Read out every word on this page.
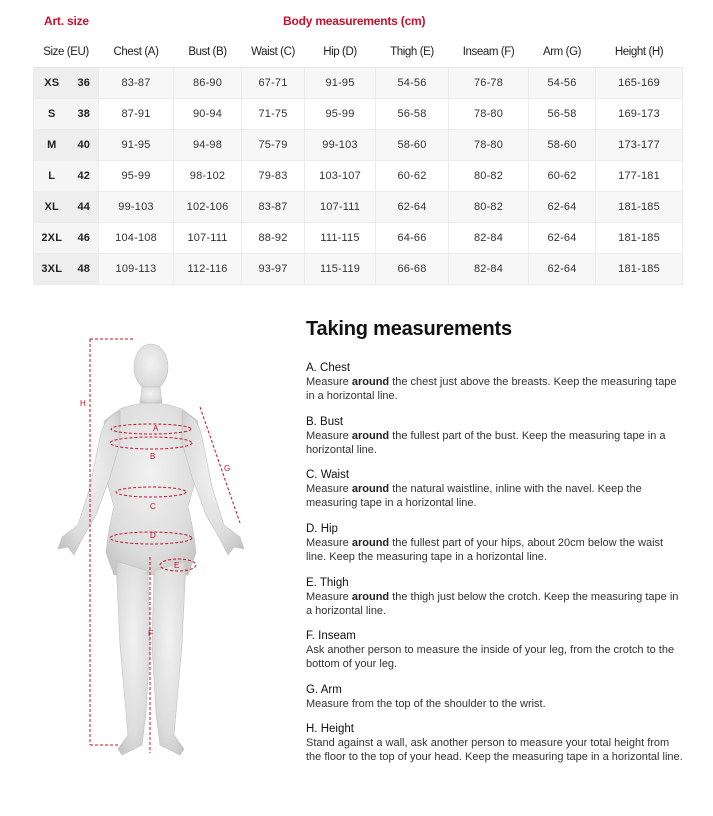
Art. size	Body measurements (cm)
Size (EU)		Chest (A)	Bust (B)	Waist (C)	Hip (D)	Thigh (E)	Inseam (F)	Arm (G)	Height (H)
XS	36	83-87	86-90	67-71	91-95	54-56	76-78	54-56	165-169
S	38	87-91	90-94	71-75	95-99	56-58	78-80	56-58	169-173
M	40	91-95	94-98	75-79	99-103	58-60	78-80	58-60	173-177
L	42	95-99	98-102	79-83	103-107	60-62	80-82	60-62	177-181
XL	44	99-103	102-106	83-87	107-111	62-64	80-82	62-64	181-185
2XL	46	104-108	107-111	88-92	111-115	64-66	82-84	62-64	181-185
3XL	48	109-113	112-116	93-97	115-119	66-68	82-84	62-64	181-185
A
B
C
D
E
F
G
H
Taking measurements
A. Chest

Measure around the chest just above the breasts. Keep the measuring tape in a horizontal line.

B. Bust

Measure around the fullest part of the bust. Keep the measuring tape in a horizontal line.

C. Waist

Measure around the natural waistline, inline with the navel. Keep the measuring tape in a horizontal line.

D. Hip

Measure around the fullest part of your hips, about 20cm below the waist line. Keep the measuring tape in a horizontal line.

E. Thigh

Measure around the thigh just below the crotch. Keep the measuring tape in a horizontal line.

F. Inseam

Ask another person to measure the inside of your leg, from the crotch to the bottom of your leg.

G. Arm

Measure from the top of the shoulder to the wrist.

H. Height

Stand against a wall, ask another person to measure your total height from the floor to the top of your head. Keep the measuring tape in a horizontal line.
